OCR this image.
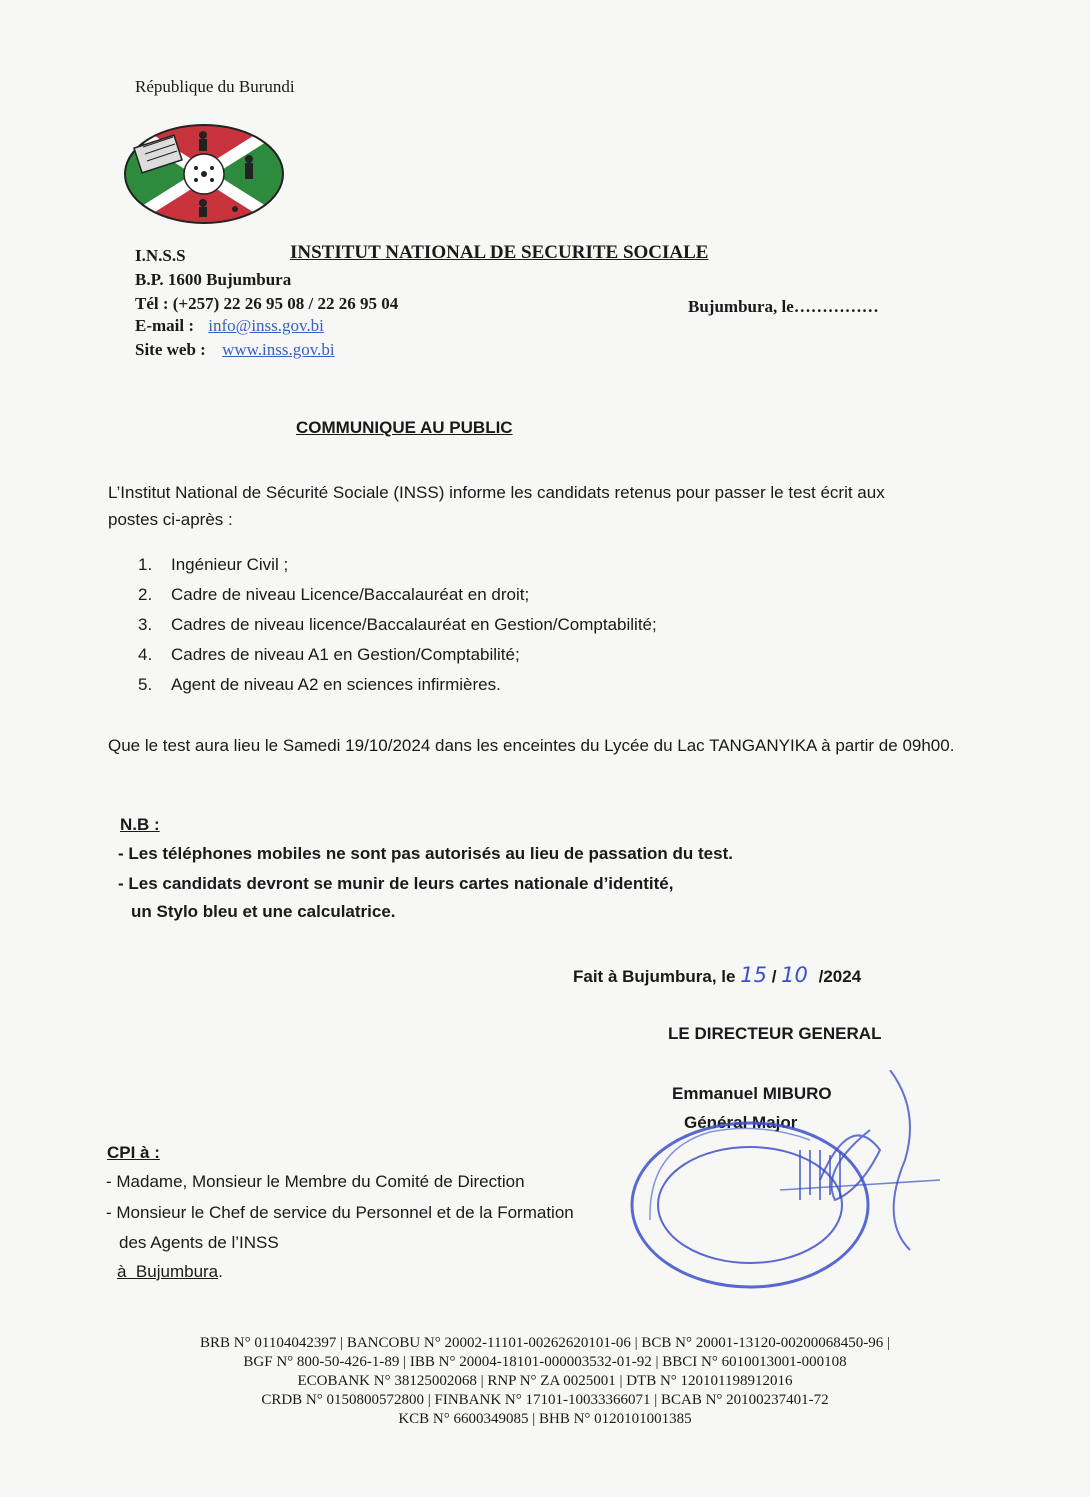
République du Burundi
I.N.S.S	INSTITUT NATIONAL DE SECURITE SOCIALE
B.P. 1600 Bujumbura
Tél : (+257) 22 26 95 08 / 22 26 95 04
E-mail : info@inss.gov.bi
Site web : www.inss.gov.bi
Bujumbura, le……………
COMMUNIQUE AU PUBLIC
L’Institut National de Sécurité Sociale (INSS) informe les candidats retenus pour passer le test écrit aux postes ci-après :
1. Ingénieur Civil ;
2. Cadre de niveau Licence/Baccalauréat en droit;
3. Cadres de niveau licence/Baccalauréat en Gestion/Comptabilité;
4. Cadres de niveau A1 en Gestion/Comptabilité;
5. Agent de niveau A2 en sciences infirmières.
Que le test aura lieu le Samedi 19/10/2024 dans les enceintes du Lycée du Lac TANGANYIKA à partir de 09h00.
N.B :
- Les téléphones mobiles ne sont pas autorisés au lieu de passation du test.
- Les candidats devront se munir de leurs cartes nationale d’identité,
un Stylo bleu et une calculatrice.
Fait à Bujumbura, le 15 / 10 /2024
LE DIRECTEUR GENERAL
Emmanuel MIBURO
Général Major
CPI à :
- Madame, Monsieur le Membre du Comité de Direction
- Monsieur le Chef de service du Personnel et de la Formation
des Agents de l’INSS
à Bujumbura.
BRB N° 01104042397 | BANCOBU N° 20002-11101-00262620101-06 | BCB N° 20001-13120-00200068450-96 |
BGF N° 800-50-426-1-89 | IBB N° 20004-18101-000003532-01-92 | BBCI N° 6010013001-000108
ECOBANK N° 38125002068 | RNP N° ZA 0025001 | DTB N° 120101198912016
CRDB N° 0150800572800 | FINBANK N° 17101-10033366071 | BCAB N° 20100237401-72
KCB N° 6600349085 | BHB N° 0120101001385
